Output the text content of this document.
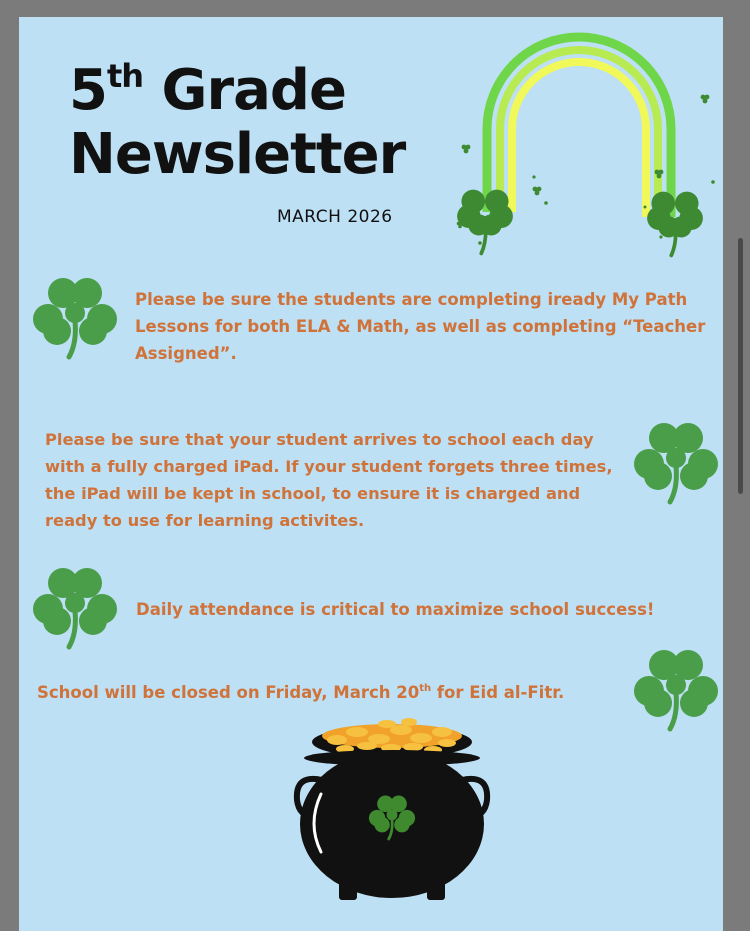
5th Grade
Newsletter
MARCH 2026

Please be sure the students are completing iready My Path Lessons for both ELA & Math, as well as completing “Teacher Assigned”.

Please be sure that your student arrives to school each day with a fully charged iPad. If your student forgets three times, the iPad will be kept in school, to ensure it is charged and ready to use for learning activites.

Daily attendance is critical to maximize school success!

School will be closed on Friday, March 20th for Eid al-Fitr.
